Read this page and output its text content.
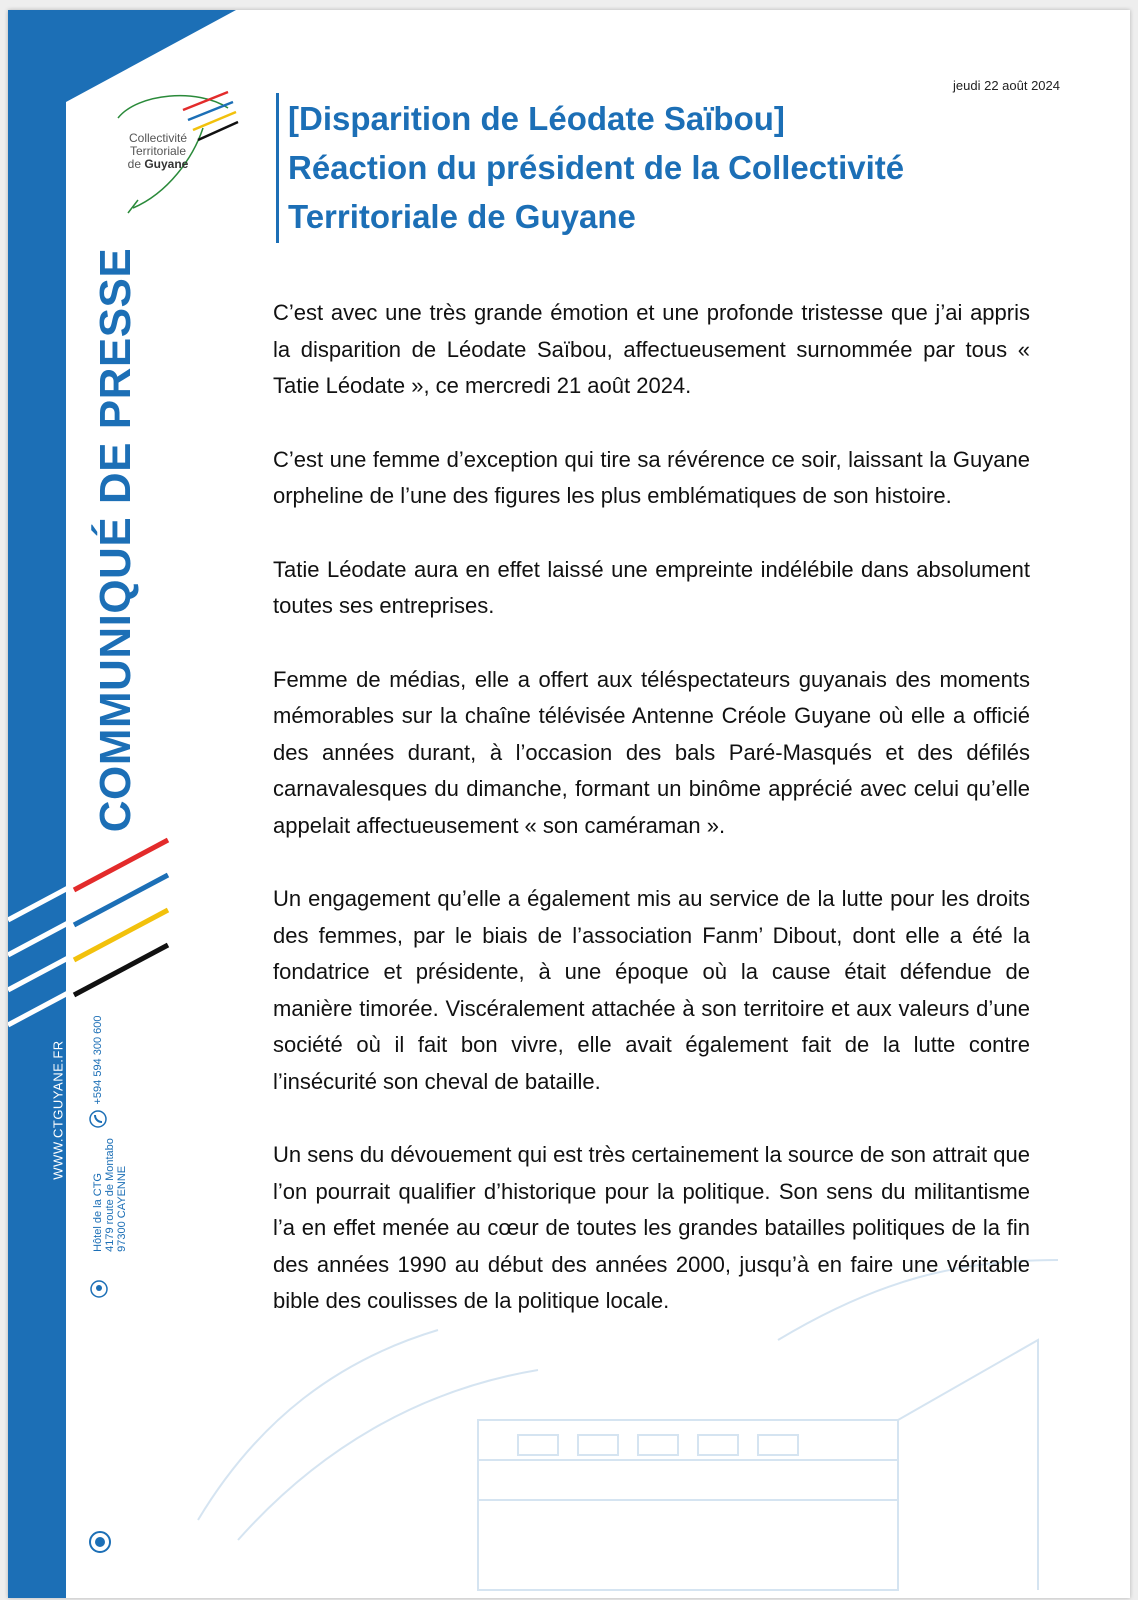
Collectivité
Territoriale
de Guyane
COMMUNIQUÉ DE PRESSE
WWW.CTGUYANE.FR +594 594 300 600
Hôtel de la CTG 4179 route de Montabo 97300 CAYENNE
jeudi 22 août 2024
[Disparition de Léodate Saïbou]
Réaction du président de la Collectivité
Territoriale de Guyane

C’est avec une très grande émotion et une profonde tristesse que j’ai appris la disparition de Léodate Saïbou, affectueusement surnommée par tous « Tatie Léodate », ce mercredi 21 août 2024.

C’est une femme d’exception qui tire sa révérence ce soir, laissant la Guyane orpheline de l’une des figures les plus emblématiques de son histoire.

Tatie Léodate aura en effet laissé une empreinte indélébile dans absolument toutes ses entreprises.

Femme de médias, elle a offert aux téléspectateurs guyanais des moments mémorables sur la chaîne télévisée Antenne Créole Guyane où elle a officié des années durant, à l’occasion des bals Paré-Masqués et des défilés carnavalesques du dimanche, formant un binôme apprécié avec celui qu’elle appelait affectueusement « son caméraman ».

Un engagement qu’elle a également mis au service de la lutte pour les droits des femmes, par le biais de l’association Fanm’ Dibout, dont elle a été la fondatrice et présidente, à une époque où la cause était défendue de manière timorée. Viscéralement attachée à son territoire et aux valeurs d’une société où il fait bon vivre, elle avait également fait de la lutte contre l’insécurité son cheval de bataille.

Un sens du dévouement qui est très certainement la source de son attrait que l’on pourrait qualifier d’historique pour la politique. Son sens du militantisme l’a en effet menée au cœur de toutes les grandes batailles politiques de la fin des années 1990 au début des années 2000, jusqu’à en faire une véritable bible des coulisses de la politique locale.
